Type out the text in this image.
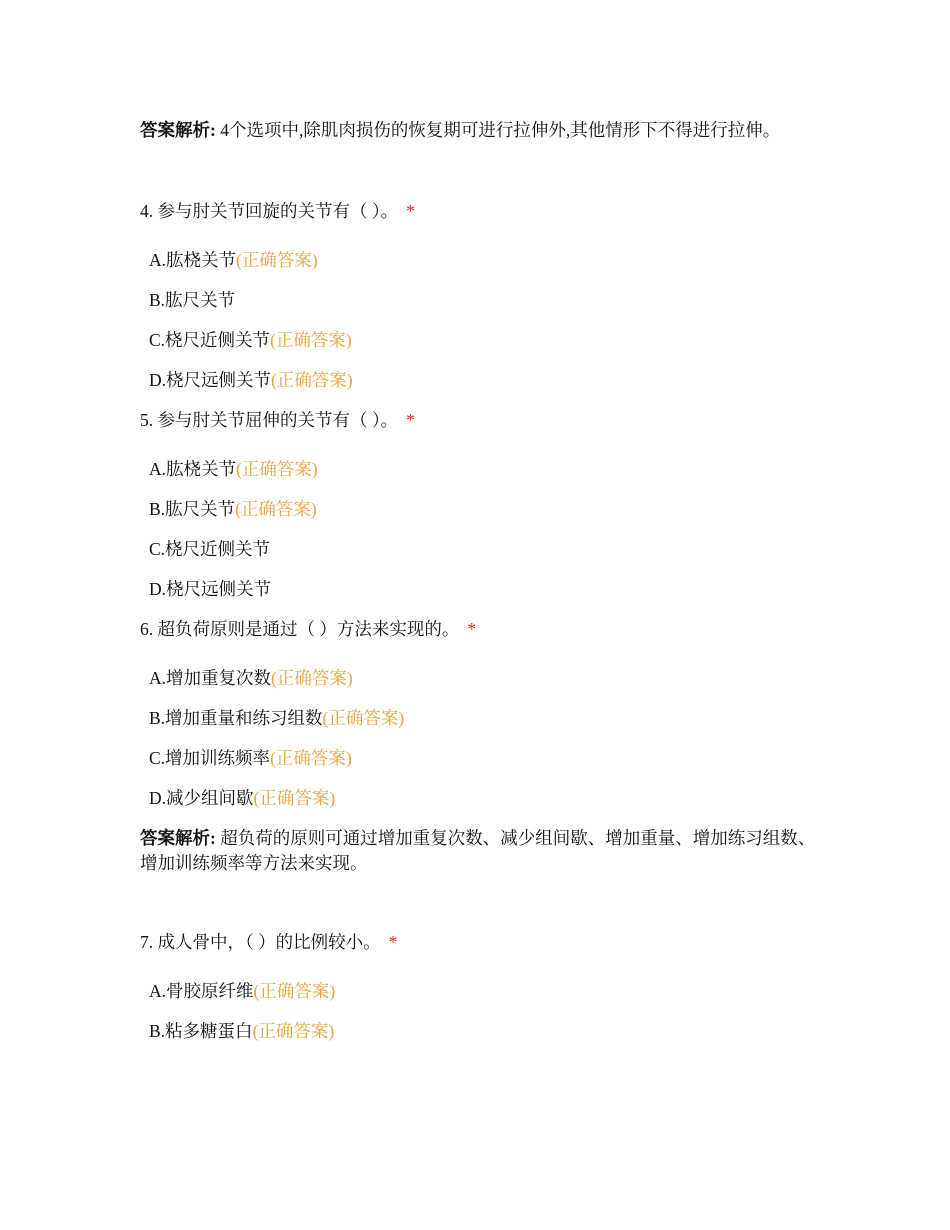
答案解析: 4个选项中,除肌肉损伤的恢复期可进行拉伸外,其他情形下不得进行拉伸。

4. 参与肘关节回旋的关节有（ ）。 *
A.肱桡关节(正确答案)
B.肱尺关节
C.桡尺近侧关节(正确答案)
D.桡尺远侧关节(正确答案)
5. 参与肘关节屈伸的关节有（ ）。 *
A.肱桡关节(正确答案)
B.肱尺关节(正确答案)
C.桡尺近侧关节
D.桡尺远侧关节
6. 超负荷原则是通过（ ）方法来实现的。 *
A.增加重复次数(正确答案)
B.增加重量和练习组数(正确答案)
C.增加训练频率(正确答案)
D.减少组间歇(正确答案)

答案解析: 超负荷的原则可通过增加重复次数、减少组间歇、增加重量、增加练习组数、增加训练频率等方法来实现。

7. 成人骨中，（ ）的比例较小。 *
A.骨胶原纤维(正确答案)
B.粘多糖蛋白(正确答案)
